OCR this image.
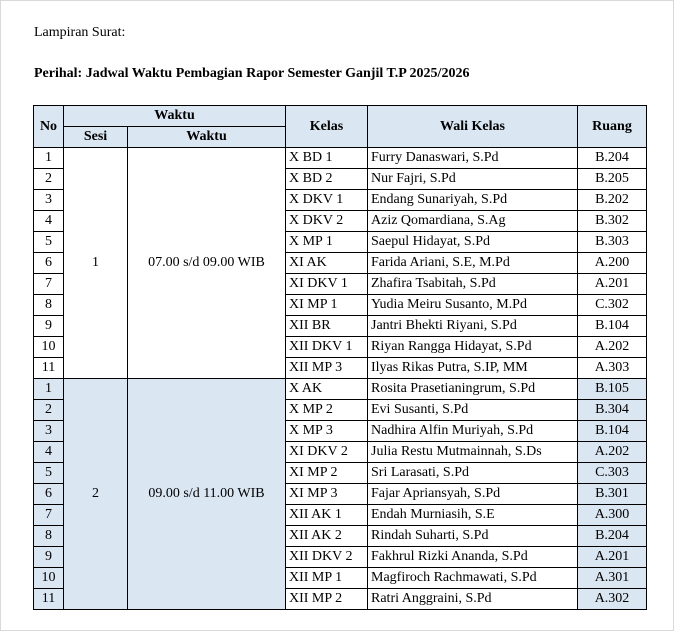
Lampiran Surat:
Perihal: Jadwal Waktu Pembagian Rapor Semester Ganjil T.P 2025/2026
No	Waktu		Kelas	Wali Kelas	Ruang
	Sesi	Waktu			
1	1	07.00 s/d 09.00 WIB	X BD 1	Furry Danaswari, S.Pd	B.204
2			X BD 2	Nur Fajri, S.Pd	B.205
3			X DKV 1	Endang Sunariyah, S.Pd	B.202
4			X DKV 2	Aziz Qomardiana, S.Ag	B.302
5			X MP 1	Saepul Hidayat, S.Pd	B.303
6			XI AK	Farida Ariani, S.E, M.Pd	A.200
7			XI DKV 1	Zhafira Tsabitah, S.Pd	A.201
8			XI MP 1	Yudia Meiru Susanto, M.Pd	C.302
9			XII BR	Jantri Bhekti Riyani, S.Pd	B.104
10			XII DKV 1	Riyan Rangga Hidayat, S.Pd	A.202
11			XII MP 3	Ilyas Rikas Putra, S.IP, MM	A.303
1	2	09.00 s/d 11.00 WIB	X AK	Rosita Prasetianingrum, S.Pd	B.105
2			X MP 2	Evi Susanti, S.Pd	B.304
3			X MP 3	Nadhira Alfin Muriyah, S.Pd	B.104
4			XI DKV 2	Julia Restu Mutmainnah, S.Ds	A.202
5			XI MP 2	Sri Larasati, S.Pd	C.303
6			XI MP 3	Fajar Apriansyah, S.Pd	B.301
7			XII AK 1	Endah Murniasih, S.E	A.300
8			XII AK 2	Rindah Suharti, S.Pd	B.204
9			XII DKV 2	Fakhrul Rizki Ananda, S.Pd	A.201
10			XII MP 1	Magfiroch Rachmawati, S.Pd	A.301
11			XII MP 2	Ratri Anggraini, S.Pd	A.302
